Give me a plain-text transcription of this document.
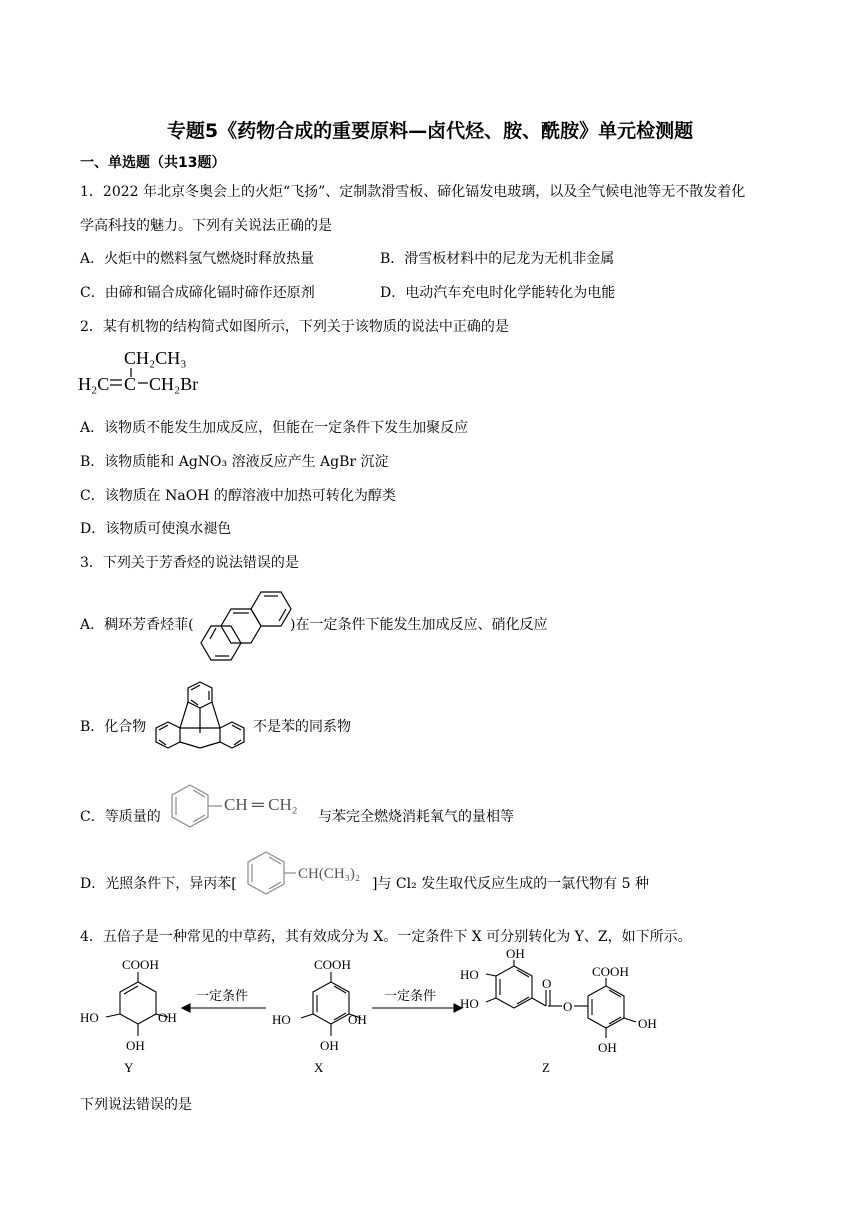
专题5《药物合成的重要原料—卤代烃、胺、酰胺》单元检测题
一、单选题（共13题）
1．2022 年北京冬奥会上的火炬“飞扬”、定制款滑雪板、碲化镉发电玻璃，以及全气候电池等无不散发着化
学高科技的魅力。下列有关说法正确的是
A．火炬中的燃料氢气燃烧时释放热量	B．滑雪板材料中的尼龙为无机非金属
C．由碲和镉合成碲化镉时碲作还原剂	D．电动汽车充电时化学能转化为电能
2．某有机物的结构简式如图所示，下列关于该物质的说法中正确的是
CH₂CH₃
H₂C C CH₂Br
A．该物质不能发生加成反应，但能在一定条件下发生加聚反应
B．该物质能和 AgNO₃ 溶液反应产生 AgBr 沉淀
C．该物质在 NaOH 的醇溶液中加热可转化为醇类
D．该物质可使溴水褪色
3．下列关于芳香烃的说法错误的是
A．稠环芳香烃菲(	)在一定条件下能发生加成反应、硝化反应
B．化合物	不是苯的同系物
C．等质量的
CH ═ CH₂
与苯完全燃烧消耗氧气的量相等
D．光照条件下，异丙苯[
CH(CH₃)₂
]与 Cl₂ 发生取代反应生成的一氯代物有 5 种
4．五倍子是一种常见的中草药，其有效成分为 X。一定条件下 X 可分别转化为 Y、Z，如下所示。
COOH
HO	OH
OH
Y
一定条件
COOH
HO	OH
OH
X
一定条件
OH
HO
HO
O
O
COOH
OH
OH
Z
下列说法错误的是
